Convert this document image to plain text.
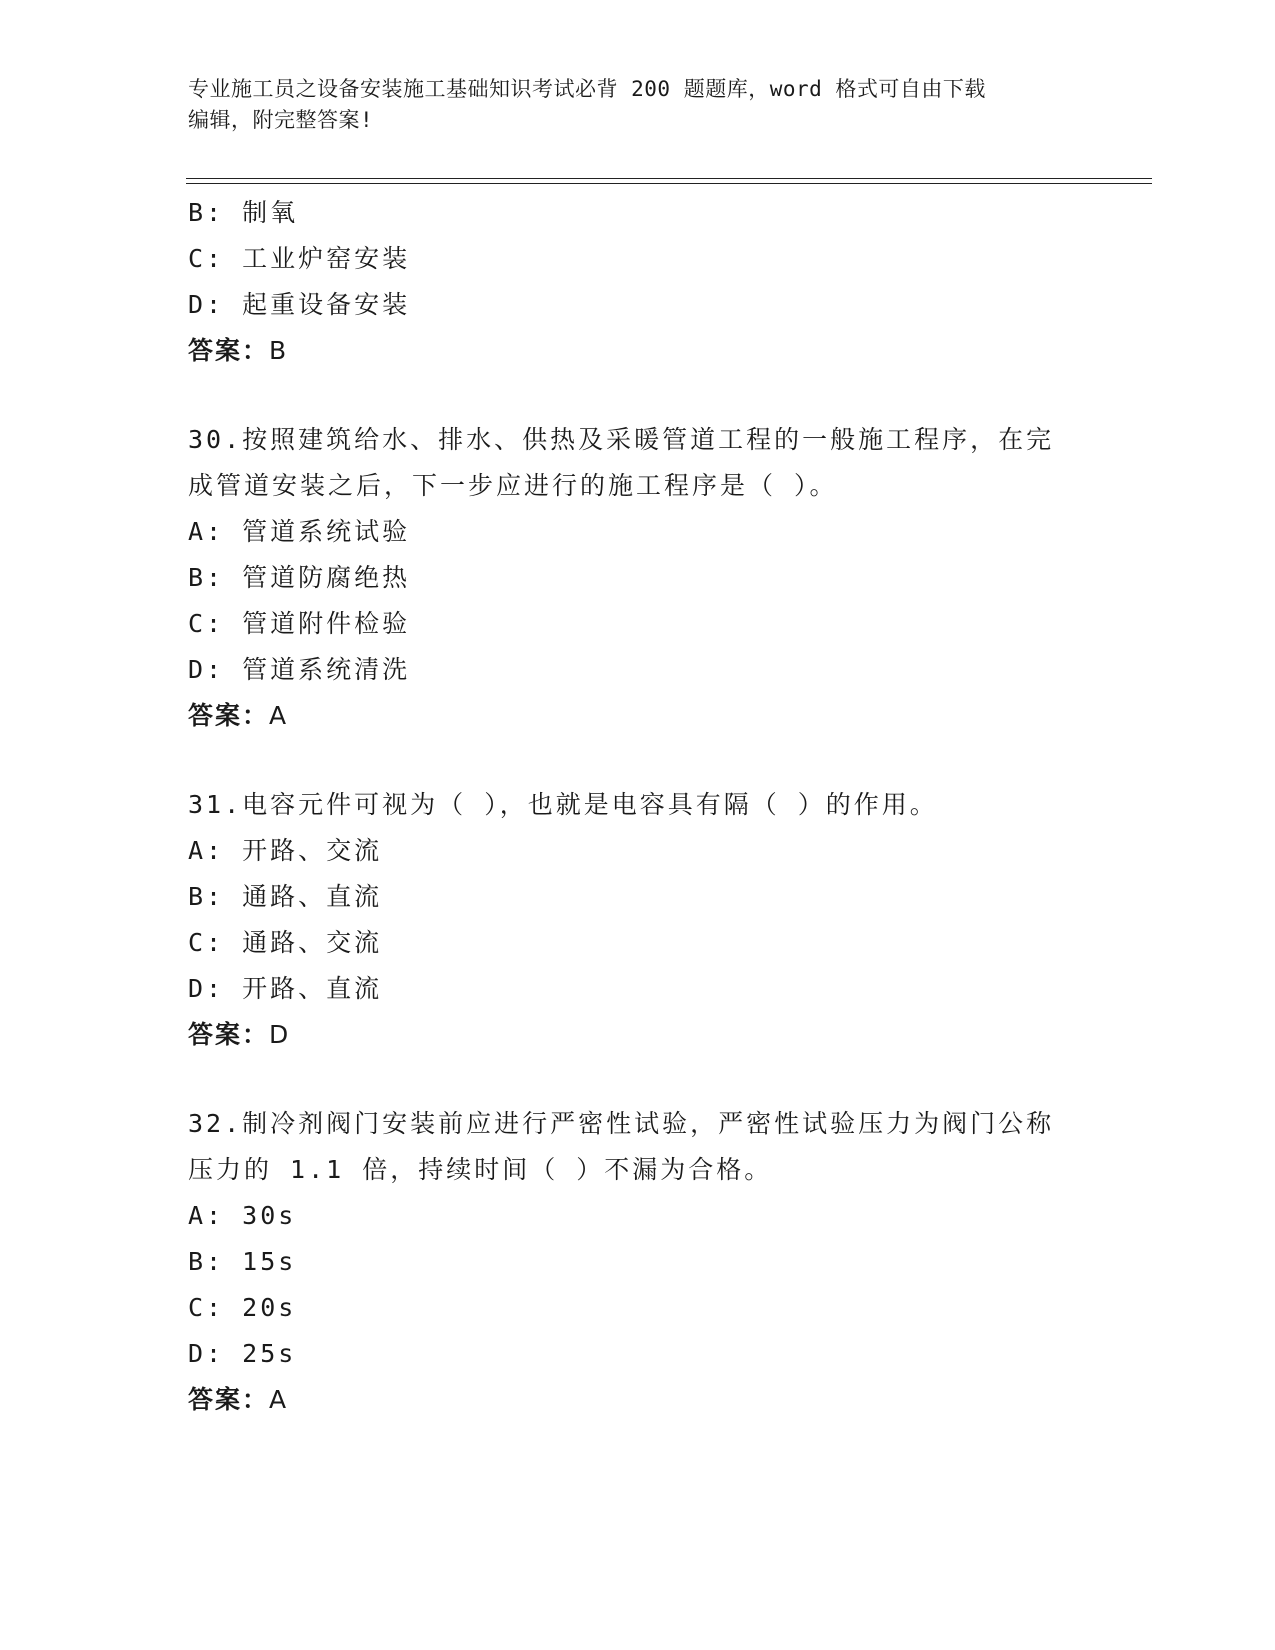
专业施工员之设备安装施工基础知识考试必背 200 题题库，word 格式可自由下载
编辑，附完整答案!
B: 制氧
C: 工业炉窑安装
D: 起重设备安装
答案：B
30.按照建筑给水、排水、供热及采暖管道工程的一般施工程序，在完
成管道安装之后，下一步应进行的施工程序是（ ）。
A: 管道系统试验
B: 管道防腐绝热
C: 管道附件检验
D: 管道系统清洗
答案：A
31.电容元件可视为（ ），也就是电容具有隔（ ）的作用。
A: 开路、交流
B: 通路、直流
C: 通路、交流
D: 开路、直流
答案：D
32.制冷剂阀门安装前应进行严密性试验，严密性试验压力为阀门公称
压力的 1.1 倍，持续时间（ ）不漏为合格。
A: 30s
B: 15s
C: 20s
D: 25s
答案：A
